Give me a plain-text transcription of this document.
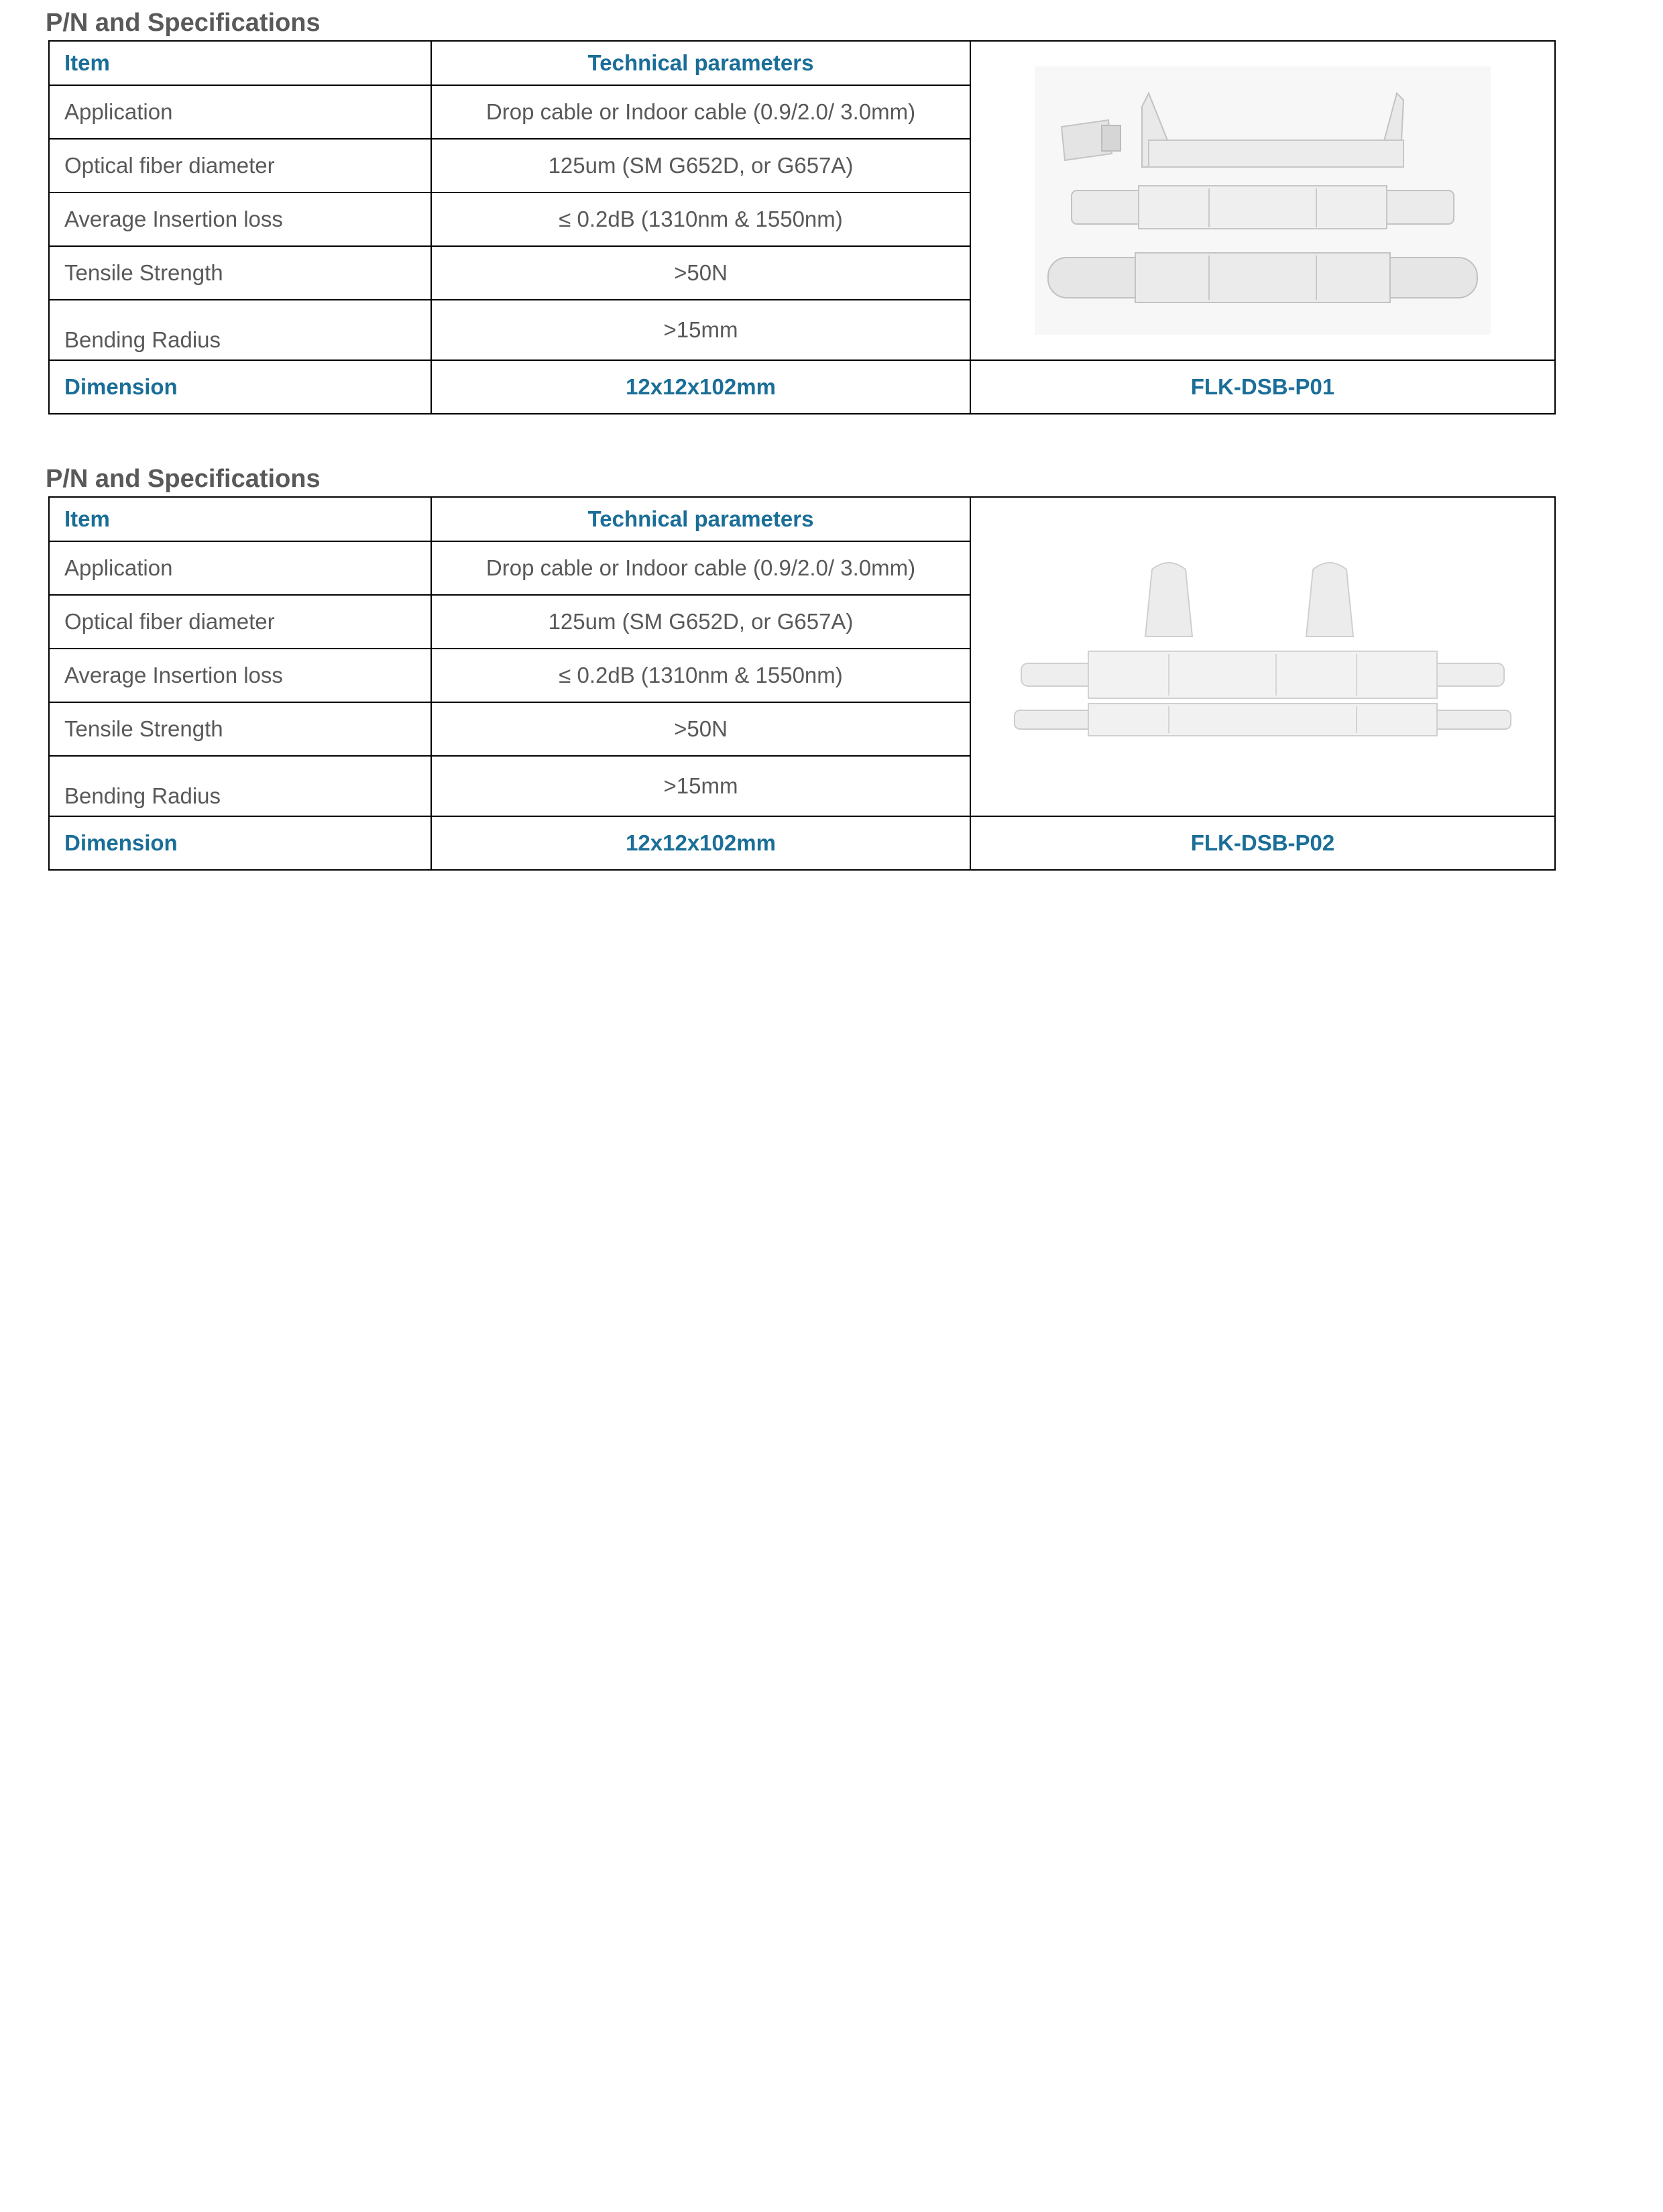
P/N and Specifications
Item	Technical parameters	

Application	Drop cable or Indoor cable (0.9/2.0/ 3.0mm)	
Optical fiber diameter	125um (SM G652D, or G657A)	
Average Insertion loss	≤ 0.2dB (1310nm & 1550nm)	
Tensile Strength	>50N	
Bending Radius	>15mm	
Dimension	12x12x102mm	FLK-DSB-P01
P/N and Specifications
Item	Technical parameters	

Application	Drop cable or Indoor cable (0.9/2.0/ 3.0mm)	
Optical fiber diameter	125um (SM G652D, or G657A)	
Average Insertion loss	≤ 0.2dB (1310nm & 1550nm)	
Tensile Strength	>50N	
Bending Radius	>15mm	
Dimension	12x12x102mm	FLK-DSB-P02
